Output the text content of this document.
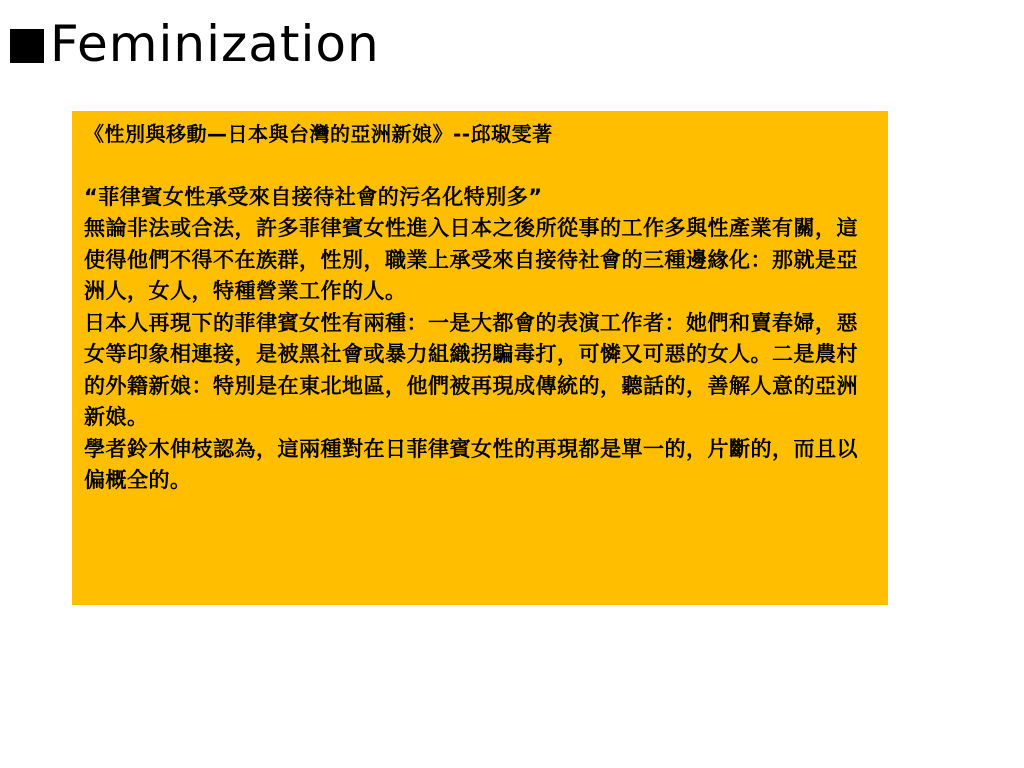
Feminization

《性別與移動—日本與台灣的亞洲新娘》--邱琡雯著

“菲律賓女性承受來自接待社會的污名化特別多”

無論非法或合法，許多菲律賓女性進入日本之後所從事的工作多與性產業有關，這使得他們不得不在族群，性別，職業上承受來自接待社會的三種邊緣化：那就是亞洲人，女人，特種營業工作的人。

日本人再現下的菲律賓女性有兩種：一是大都會的表演工作者：她們和賣春婦，惡女等印象相連接，是被黑社會或暴力組織拐騙毒打，可憐又可惡的女人。二是農村的外籍新娘：特別是在東北地區，他們被再現成傳統的，聽話的，善解人意的亞洲新娘。

學者鈴木伸枝認為，這兩種對在日菲律賓女性的再現都是單一的，片斷的，而且以偏概全的。
